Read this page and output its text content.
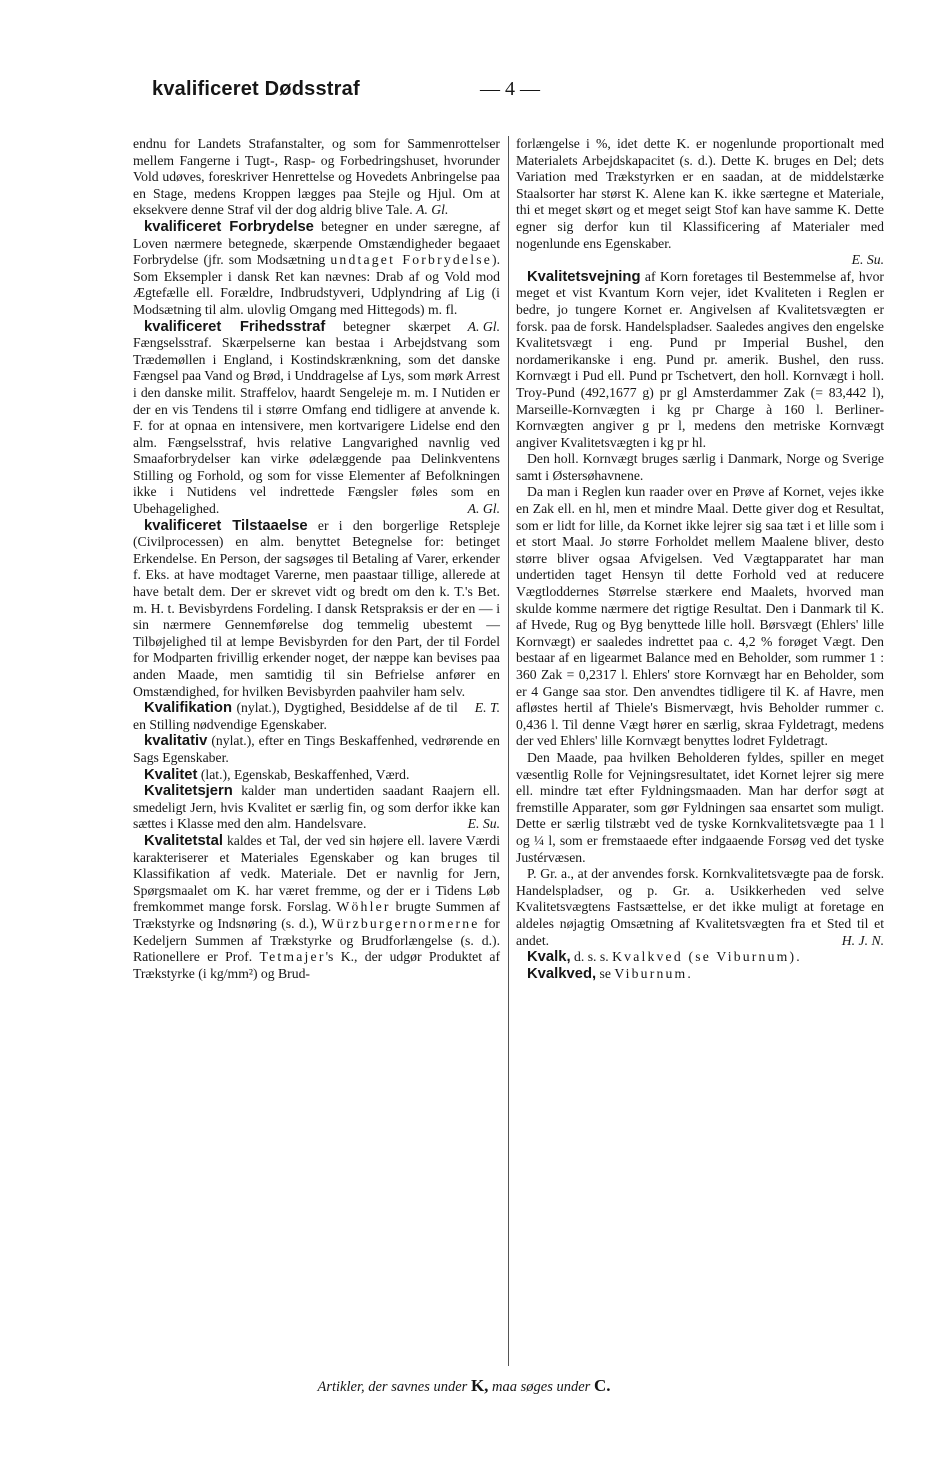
kvalificeret Dødsstraf	— 4 —

endnu for Landets Strafanstalter, og som for Sammenrottelser mellem Fangerne i Tugt-, Rasp- og Forbedringshuset, hvorunder Vold udøves, foreskriver Henrettelse og Hovedets Anbringelse paa en Stage, medens Kroppen lægges paa Stejle og Hjul. Om at eksekvere denne Straf vil der dog aldrig blive Tale. A. Gl.

kvalificeret Forbrydelse betegner en under særegne, af Loven nærmere betegnede, skærpende Omstændigheder begaaet Forbrydelse (jfr. som Modsætning undtaget Forbrydelse). Som Eksempler i dansk Ret kan nævnes: Drab af og Vold mod Ægtefælle ell. Forældre, Indbrudstyveri, Udplyndring af Lig (i Modsætning til alm. ulovlig Omgang med Hittegods) m. fl.
A. Gl.

kvalificeret Frihedsstraf betegner skærpet Fængselsstraf. Skærpelserne kan bestaa i Arbejdstvang som Trædemøllen i England, i Kostindskrænkning, som det danske Fængsel paa Vand og Brød, i Unddragelse af Lys, som mørk Arrest i den danske milit. Straffelov, haardt Sengeleje m. m. I Nutiden er der en vis Tendens til i større Omfang end tidligere at anvende k. F. for at opnaa en intensivere, men kortvarigere Lidelse end den alm. Fængselsstraf, hvis relative Langvarighed navnlig ved Smaaforbrydelser kan virke ødelæggende paa Delinkventens Stilling og Forhold, og som for visse Elementer af Befolkningen ikke i Nutidens vel indrettede Fængsler føles som en Ubehagelighed.	A. Gl.

kvalificeret Tilstaaelse er i den borgerlige Retspleje (Civilprocessen) en alm. benyttet Betegnelse for: betinget Erkendelse. En Person, der sagsøges til Betaling af Varer, erkender f. Eks. at have modtaget Varerne, men paastaar tillige, allerede at have betalt dem. Der er skrevet vidt og bredt om den k. T.'s Bet. m. H. t. Bevisbyrdens Fordeling. I dansk Retspraksis er der en — i sin nærmere Gennemførelse dog temmelig ubestemt — Tilbøjelighed til at lempe Bevisbyrden for den Part, der til Fordel for Modparten frivillig erkender noget, der næppe kan bevises paa anden Maade, men samtidig til sin Befrielse anfører en Omstændighed, for hvilken Bevisbyrden paahviler ham selv.
E. T.

Kvalifikation (nylat.), Dygtighed, Besiddelse af de til en Stilling nødvendige Egenskaber.

kvalitativ (nylat.), efter en Tings Beskaffenhed, vedrørende en Sags Egenskaber.

Kvalitet (lat.), Egenskab, Beskaffenhed, Værd.

Kvalitetsjern kalder man undertiden saadant Raajern ell. smedeligt Jern, hvis Kvalitet er særlig fin, og som derfor ikke kan sættes i Klasse med den alm. Handelsvare.	E. Su.

Kvalitetstal kaldes et Tal, der ved sin højere ell. lavere Værdi karakteriserer et Materiales Egenskaber og kan bruges til Klassifikation af vedk. Materiale. Det er navnlig for Jern, Spørgsmaalet om K. har været fremme, og der er i Tidens Løb fremkommet mange forsk. Forslag. Wöhler brugte Summen af Trækstyrke og Indsnøring (s. d.), Würzburgernormerne for Kedeljern Summen af Trækstyrke og Brudforlængelse (s. d.). Rationellere er Prof. Tetmajer's K., der udgør Produktet af Trækstyrke (i kg/mm²) og Brud-

forlængelse i %, idet dette K. er nogenlunde proportionalt med Materialets Arbejdskapacitet (s. d.). Dette K. bruges en Del; dets Variation med Trækstyrken er en saadan, at de middelstærke Staalsorter har størst K. Alene kan K. ikke særtegne et Materiale, thi et meget skørt og et meget seigt Stof kan have samme K. Dette egner sig derfor kun til Klassificering af Materialer med nogenlunde ens Egenskaber.

E. Su.

Kvalitetsvejning af Korn foretages til Bestemmelse af, hvor meget et vist Kvantum Korn vejer, idet Kvaliteten i Reglen er bedre, jo tungere Kornet er. Angivelsen af Kvalitetsvægten er forsk. paa de forsk. Handelspladser. Saaledes angives den engelske Kvalitetsvægt i eng. Pund pr Imperial Bushel, den nordamerikanske i eng. Pund pr. amerik. Bushel, den russ. Kornvægt i Pud ell. Pund pr Tschetvert, den holl. Kornvægt i holl. Troy-Pund (492,1677 g) pr gl Amsterdammer Zak (= 83,442 l), Marseille-Kornvægten i kg pr Charge à 160 l. Berliner-Kornvægten angiver g pr l, medens den metriske Kornvægt angiver Kvalitetsvægten i kg pr hl.

Den holl. Kornvægt bruges særlig i Danmark, Norge og Sverige samt i Østersøhavnene.

Da man i Reglen kun raader over en Prøve af Kornet, vejes ikke en Zak ell. en hl, men et mindre Maal. Dette giver dog et Resultat, som er lidt for lille, da Kornet ikke lejrer sig saa tæt i et lille som i et stort Maal. Jo større Forholdet mellem Maalene bliver, desto større bliver ogsaa Afvigelsen. Ved Vægtapparatet har man undertiden taget Hensyn til dette Forhold ved at reducere Vægtloddernes Størrelse stærkere end Maalets, hvorved man skulde komme nærmere det rigtige Resultat. Den i Danmark til K. af Hvede, Rug og Byg benyttede lille holl. Børsvægt (Ehlers' lille Kornvægt) er saaledes indrettet paa c. 4,2 % forøget Vægt. Den bestaar af en ligearmet Balance med en Beholder, som rummer 1 : 360 Zak = 0,2317 l. Ehlers' store Kornvægt har en Beholder, som er 4 Gange saa stor. Den anvendtes tidligere til K. af Havre, men afløstes hertil af Thiele's Bismervægt, hvis Beholder rummer c. 0,436 l. Til denne Vægt hører en særlig, skraa Fyldetragt, medens der ved Ehlers' lille Kornvægt benyttes lodret Fyldetragt.

Den Maade, paa hvilken Beholderen fyldes, spiller en meget væsentlig Rolle for Vejningsresultatet, idet Kornet lejrer sig mere ell. mindre tæt efter Fyldningsmaaden. Man har derfor søgt at fremstille Apparater, som gør Fyldningen saa ensartet som muligt. Dette er særlig tilstræbt ved de tyske Kornkvalitetsvægte paa 1 l og ¼ l, som er fremstaaede efter indgaaende Forsøg ved det tyske Justérvæsen.

P. Gr. a., at der anvendes forsk. Kornkvalitetsvægte paa de forsk. Handelspladser, og p. Gr. a. Usikkerheden ved selve Kvalitetsvægtens Fastsættelse, er det ikke muligt at foretage en aldeles nøjagtig Omsætning af Kvalitetsvægten fra et Sted til et andet.	H. J. N.

Kvalk, d. s. s. Kvalkved (se Viburnum).

Kvalkved, se Viburnum.

Artikler, der savnes under K, maa søges under C.
